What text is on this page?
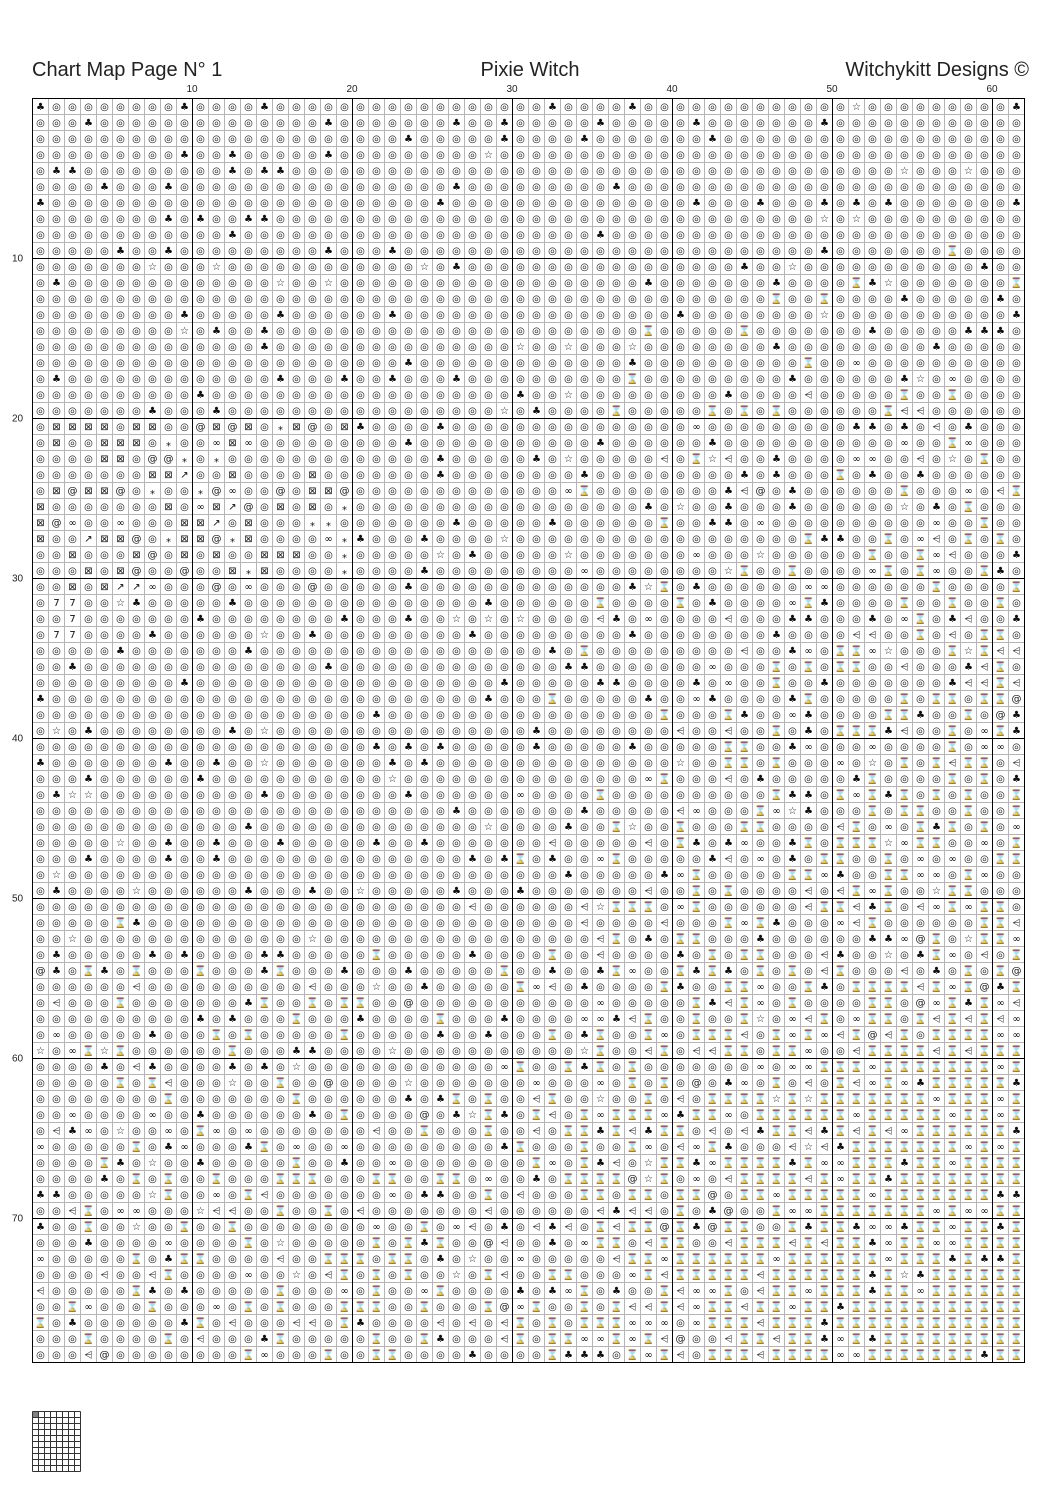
Chart Map Page N° 1	Pixie Witch	Witchykitt Designs ©
10	20	30	40	50	60
10
20
30
40
50
60
70
♣ ◎ ◎ ◎ ◎ ◎ ◎ ◎ ◎ ♣ ◎ ◎ ◎ ◎ ♣ ◎ ◎ ◎ ◎ ◎ ◎ ◎ ◎ ◎ ◎ ◎ ◎ ◎ ◎ ◎ ◎ ◎ ♣ ◎ ◎ ◎ ◎ ♣ ◎ ◎ ◎ ◎ ◎ ◎ ◎ ◎ ◎ ◎ ◎ ◎ ◎ ☆ ◎ ◎ ◎ ◎ ◎ ◎ ◎ ◎ ◎ ♣
◎ ◎ ◎ ♣ ◎ ◎ ◎ ◎ ◎ ◎ ◎ ◎ ◎ ◎ ◎ ◎ ◎ ◎ ♣ ◎ ◎ ◎ ◎ ◎ ◎ ◎ ♣ ◎ ◎ ♣ ◎ ◎ ◎ ◎ ◎ ♣ ◎ ◎ ◎ ◎ ◎ ♣ ◎ ◎ ◎ ◎ ◎ ◎ ◎ ♣ ◎ ◎ ◎ ◎ ◎ ◎ ◎ ◎ ◎ ◎ ◎ ◎
◎ ◎ ◎ ◎ ◎ ◎ ◎ ◎ ◎ ◎ ◎ ◎ ◎ ◎ ◎ ◎ ◎ ◎ ◎ ◎ ◎ ◎ ◎ ♣ ◎ ◎ ◎ ◎ ◎ ♣ ◎ ◎ ◎ ◎ ♣ ◎ ◎ ◎ ◎ ◎ ◎ ◎ ♣ ◎ ◎ ◎ ◎ ◎ ◎ ◎ ◎ ◎ ◎ ◎ ◎ ◎ ◎ ◎ ◎ ◎ ◎ ◎
◎ ◎ ◎ ◎ ◎ ◎ ◎ ◎ ◎ ♣ ◎ ◎ ♣ ◎ ◎ ◎ ◎ ◎ ♣ ◎ ◎ ◎ ◎ ◎ ◎ ◎ ◎ ◎ ☆ ◎ ◎ ◎ ◎ ◎ ◎ ◎ ◎ ◎ ◎ ◎ ◎ ◎ ◎ ◎ ◎ ◎ ◎ ◎ ◎ ◎ ◎ ◎ ◎ ◎ ◎ ◎ ◎ ◎ ◎ ◎ ◎ ◎
◎ ♣ ♣ ◎ ◎ ◎ ◎ ◎ ◎ ◎ ◎ ◎ ♣ ◎ ♣ ♣ ◎ ◎ ◎ ◎ ◎ ◎ ◎ ◎ ◎ ◎ ◎ ◎ ◎ ◎ ◎ ◎ ◎ ◎ ◎ ◎ ◎ ◎ ◎ ◎ ◎ ◎ ◎ ◎ ◎ ◎ ◎ ◎ ◎ ◎ ◎ ◎ ◎ ◎ ☆ ◎ ◎ ◎ ☆ ◎ ◎ ◎
◎ ◎ ◎ ◎ ♣ ◎ ◎ ◎ ♣ ◎ ◎ ◎ ◎ ◎ ◎ ◎ ◎ ◎ ◎ ◎ ◎ ◎ ◎ ◎ ◎ ◎ ♣ ◎ ◎ ◎ ◎ ◎ ◎ ◎ ◎ ◎ ♣ ◎ ◎ ◎ ◎ ◎ ◎ ◎ ◎ ◎ ◎ ◎ ◎ ◎ ◎ ◎ ◎ ◎ ◎ ◎ ◎ ◎ ◎ ◎ ◎ ◎
♣ ◎ ◎ ◎ ◎ ◎ ◎ ◎ ◎ ◎ ◎ ◎ ◎ ◎ ◎ ◎ ◎ ◎ ◎ ◎ ◎ ◎ ◎ ◎ ◎ ♣ ◎ ◎ ◎ ◎ ◎ ◎ ◎ ◎ ◎ ◎ ◎ ◎ ◎ ◎ ◎ ♣ ◎ ◎ ◎ ♣ ◎ ◎ ◎ ♣ ◎ ♣ ◎ ♣ ◎ ◎ ◎ ◎ ◎ ◎ ◎ ♣
◎ ◎ ◎ ◎ ◎ ◎ ◎ ◎ ♣ ◎ ♣ ◎ ◎ ♣ ♣ ◎ ◎ ◎ ◎ ◎ ◎ ◎ ◎ ◎ ◎ ◎ ◎ ◎ ◎ ◎ ◎ ◎ ◎ ◎ ◎ ◎ ◎ ◎ ◎ ◎ ◎ ◎ ◎ ◎ ◎ ◎ ◎ ◎ ◎ ☆ ◎ ☆ ◎ ◎ ◎ ◎ ◎ ◎ ◎ ◎ ◎ ◎
◎ ◎ ◎ ◎ ◎ ◎ ◎ ◎ ◎ ◎ ◎ ◎ ♣ ◎ ◎ ◎ ◎ ◎ ◎ ◎ ◎ ◎ ◎ ◎ ◎ ◎ ◎ ◎ ◎ ◎ ◎ ◎ ◎ ◎ ◎ ♣ ◎ ◎ ◎ ◎ ◎ ◎ ◎ ◎ ◎ ◎ ◎ ◎ ◎ ◎ ◎ ◎ ◎ ◎ ◎ ◎ ◎ ◎ ◎ ◎ ◎ ◎
◎ ◎ ◎ ◎ ◎ ♣ ◎ ◎ ♣ ◎ ◎ ◎ ◎ ◎ ◎ ◎ ◎ ◎ ♣ ◎ ◎ ◎ ♣ ◎ ◎ ◎ ◎ ◎ ◎ ◎ ◎ ◎ ◎ ◎ ◎ ◎ ◎ ◎ ◎ ◎ ◎ ◎ ◎ ◎ ◎ ◎ ◎ ◎ ◎ ♣ ◎ ◎ ◎ ◎ ◎ ◎ ◎ ⌛ ◎ ◎ ◎ ◎
◎ ◎ ◎ ◎ ◎ ◎ ◎ ☆ ◎ ◎ ◎ ☆ ◎ ◎ ◎ ◎ ◎ ◎ ◎ ◎ ◎ ◎ ◎ ◎ ☆ ◎ ♣ ◎ ◎ ◎ ◎ ◎ ◎ ◎ ◎ ◎ ◎ ◎ ◎ ◎ ◎ ◎ ◎ ◎ ♣ ◎ ◎ ☆ ◎ ◎ ◎ ◎ ◎ ◎ ◎ ◎ ◎ ◎ ◎ ♣ ◎ ◎
◎ ♣ ◎ ◎ ◎ ◎ ◎ ◎ ◎ ◎ ◎ ◎ ◎ ◎ ◎ ☆ ◎ ◎ ☆ ◎ ◎ ◎ ◎ ◎ ◎ ◎ ◎ ◎ ◎ ◎ ◎ ◎ ◎ ◎ ◎ ◎ ◎ ◎ ♣ ◎ ◎ ◎ ◎ ◎ ◎ ◎ ♣ ◎ ◎ ◎ ◎ ⌛ ♣ ☆ ◎ ◎ ◎ ◎ ◎ ◎ ◎ ⌛
◎ ◎ ◎ ◎ ◎ ◎ ◎ ◎ ◎ ◎ ◎ ◎ ◎ ◎ ◎ ◎ ◎ ◎ ◎ ◎ ◎ ◎ ◎ ◎ ◎ ◎ ◎ ◎ ◎ ◎ ◎ ◎ ◎ ◎ ◎ ◎ ◎ ◎ ◎ ◎ ◎ ◎ ◎ ◎ ◎ ◎ ⌛ ◎ ◎ ⌛ ◎ ◎ ◎ ◎ ♣ ◎ ◎ ◎ ◎ ◎ ♣ ◎
◎ ◎ ◎ ◎ ◎ ◎ ◎ ◎ ◎ ♣ ◎ ◎ ◎ ◎ ◎ ♣ ◎ ◎ ◎ ◎ ◎ ◎ ♣ ◎ ◎ ◎ ◎ ◎ ◎ ◎ ◎ ◎ ◎ ◎ ◎ ◎ ◎ ◎ ◎ ◎ ♣ ◎ ◎ ◎ ◎ ◎ ◎ ◎ ◎ ☆ ◎ ◎ ◎ ◎ ◎ ◎ ◎ ◎ ◎ ◎ ◎ ♣
◎ ◎ ◎ ◎ ◎ ◎ ◎ ◎ ◎ ☆ ◎ ♣ ◎ ◎ ♣ ◎ ◎ ◎ ◎ ◎ ◎ ◎ ◎ ◎ ◎ ◎ ◎ ◎ ◎ ◎ ◎ ◎ ◎ ◎ ◎ ◎ ◎ ◎ ⌛ ◎ ◎ ◎ ◎ ◎ ⌛ ◎ ◎ ◎ ◎ ◎ ◎ ◎ ♣ ◎ ◎ ◎ ◎ ◎ ♣ ♣ ♣ ◎
◎ ◎ ◎ ◎ ◎ ◎ ◎ ◎ ◎ ◎ ◎ ◎ ◎ ◎ ♣ ◎ ◎ ◎ ◎ ◎ ◎ ◎ ◎ ◎ ◎ ◎ ◎ ◎ ◎ ◎ ☆ ◎ ◎ ☆ ◎ ◎ ◎ ☆ ◎ ◎ ◎ ◎ ◎ ◎ ◎ ◎ ♣ ◎ ◎ ◎ ◎ ◎ ◎ ◎ ◎ ◎ ♣ ◎ ◎ ◎ ◎ ◎
◎ ◎ ◎ ◎ ◎ ◎ ◎ ◎ ◎ ◎ ◎ ◎ ◎ ◎ ◎ ◎ ◎ ◎ ◎ ◎ ◎ ◎ ◎ ♣ ◎ ◎ ◎ ◎ ◎ ◎ ◎ ◎ ◎ ◎ ◎ ◎ ◎ ♣ ◎ ◎ ◎ ◎ ◎ ◎ ◎ ◎ ◎ ◎ ⌛ ◎ ◎ ∞ ◎ ◎ ◎ ◎ ◎ ◎ ◎ ◎ ◎ ◎
◎ ♣ ◎ ◎ ◎ ◎ ◎ ◎ ◎ ◎ ◎ ◎ ◎ ◎ ◎ ♣ ◎ ◎ ◎ ♣ ◎ ◎ ♣ ◎ ◎ ◎ ♣ ◎ ◎ ◎ ◎ ◎ ◎ ◎ ◎ ◎ ◎ ⌛ ◎ ◎ ◎ ◎ ◎ ◎ ◎ ◎ ◎ ♣ ◎ ◎ ◎ ◎ ◎ ◎ ♣ ☆ ◎ ∞ ◎ ◎ ◎ ◎
◎ ◎ ◎ ◎ ◎ ◎ ◎ ◎ ◎ ◎ ♣ ◎ ◎ ◎ ◎ ◎ ◎ ◎ ◎ ◎ ◎ ◎ ◎ ◎ ◎ ◎ ◎ ◎ ◎ ◎ ♣ ◎ ◎ ☆ ◎ ◎ ◎ ◎ ◎ ◎ ◎ ◎ ◎ ♣ ◎ ◎ ◎ ◎ ⩤ ◎ ◎ ◎ ◎ ◎ ⌛ ◎ ◎ ⌛ ◎ ◎ ◎ ◎
◎ ◎ ◎ ◎ ◎ ◎ ◎ ♣ ◎ ◎ ◎ ♣ ◎ ◎ ◎ ◎ ◎ ◎ ◎ ◎ ◎ ◎ ◎ ◎ ◎ ◎ ◎ ◎ ◎ ☆ ◎ ♣ ◎ ◎ ◎ ◎ ⌛ ◎ ◎ ◎ ◎ ◎ ⌛ ◎ ⌛ ◎ ⌛ ◎ ◎ ◎ ◎ ◎ ◎ ⌛ ⩤ ⩤ ◎ ◎ ◎ ◎ ◎ ◎
◎ ⊠ ⊠ ⊠ ⊠ ◎ ⊠ ⊠ ◎ ◎ @ ⊠ @ ⊠ ◎ ⁎ ⊠ @ ◎ ⊠ ♣ ◎ ◎ ◎ ◎ ♣ ◎ ◎ ◎ ◎ ◎ ◎ ◎ ◎ ◎ ◎ ◎ ◎ ◎ ◎ ◎ ∞ ◎ ◎ ◎ ◎ ◎ ◎ ◎ ◎ ◎ ♣ ♣ ◎ ♣ ◎ ⩤ ◎ ♣ ◎ ◎ ◎
◎ ⊠ ◎ ◎ ⊠ ⊠ ⊠ ◎ ⁎ ◎ ◎ ∞ ⊠ ∞ ◎ ◎ ◎ ◎ ◎ ◎ ◎ ◎ ◎ ♣ ◎ ◎ ◎ ◎ ◎ ◎ ◎ ◎ ◎ ◎ ◎ ♣ ◎ ◎ ◎ ◎ ◎ ◎ ♣ ◎ ◎ ◎ ◎ ◎ ◎ ◎ ◎ ◎ ◎ ◎ ∞ ◎ ◎ ⌛ ∞ ◎ ◎ ◎
◎ ◎ ◎ ◎ ⊠ ⊠ ◎ @ @ ⁎ ◎ ⁎ ◎ ◎ ◎ ◎ ◎ ◎ ◎ ◎ ◎ ◎ ◎ ◎ ◎ ♣ ◎ ◎ ◎ ◎ ◎ ♣ ◎ ☆ ◎ ◎ ◎ ◎ ◎ ⩤ ◎ ⌛ ☆ ⩤ ◎ ◎ ♣ ◎ ◎ ◎ ◎ ∞ ∞ ◎ ◎ ⩤ ◎ ☆ ◎ ⌛ ◎ ◎
◎ ◎ ◎ ◎ ◎ ◎ ◎ ⊠ ⊠ ↗ ◎ ◎ ⊠ ◎ ◎ ◎ ◎ ⊠ ◎ ◎ ◎ ◎ ◎ ◎ ◎ ♣ ◎ ◎ ◎ ◎ ◎ ◎ ◎ ◎ ♣ ◎ ◎ ◎ ◎ ◎ ◎ ◎ ◎ ◎ ♣ ◎ ♣ ◎ ◎ ◎ ⌛ ◎ ♣ ◎ ◎ ♣ ◎ ◎ ◎ ◎ ◎ ◎
◎ ⊠ @ ⊠ ⊠ @ ◎ ⁎ ◎ ◎ ⁎ @ ∞ ◎ ◎ @ ◎ ⊠ ⊠ @ ◎ ◎ ◎ ◎ ◎ ◎ ◎ ◎ ◎ ◎ ◎ ◎ ◎ ∞ ⌛ ◎ ◎ ◎ ◎ ◎ ◎ ◎ ◎ ♣ ⩤ @ ◎ ♣ ◎ ◎ ◎ ◎ ◎ ◎ ⌛ ◎ ◎ ◎ ∞ ◎ ⩤ ⌛
⊠ ◎ ◎ ◎ ◎ ◎ ◎ ◎ ⊠ ◎ ∞ ⊠ ↗ @ ◎ ⊠ ◎ ⊠ ◎ ⁎ ◎ ◎ ◎ ◎ ◎ ◎ ◎ ◎ ◎ ◎ ◎ ◎ ◎ ◎ ◎ ◎ ◎ ◎ ♣ ◎ ☆ ◎ ◎ ♣ ◎ ◎ ◎ ♣ ◎ ◎ ◎ ◎ ◎ ◎ ☆ ◎ ♣ ◎ ⌛ ◎ ◎ ◎
⊠ @ ∞ ◎ ◎ ∞ ◎ ◎ ◎ ⊠ ⊠ ↗ ◎ ⊠ ◎ ◎ ◎ ⁎ ⁎ ◎ ◎ ◎ ◎ ◎ ◎ ◎ ♣ ◎ ◎ ◎ ◎ ◎ ♣ ◎ ◎ ◎ ◎ ◎ ◎ ⌛ ◎ ◎ ♣ ♣ ◎ ∞ ◎ ◎ ◎ ◎ ◎ ◎ ◎ ◎ ◎ ◎ ∞ ◎ ◎ ⌛ ◎ ◎
⊠ ◎ ◎ ↗ ⊠ ⊠ @ ◎ ⁎ ⊠ ⊠ @ ⁎ ⊠ ◎ ◎ ◎ ◎ ∞ ⁎ ♣ ◎ ◎ ◎ ♣ ◎ ◎ ◎ ◎ ☆ ◎ ◎ ◎ ◎ ◎ ◎ ◎ ◎ ◎ ◎ ◎ ◎ ◎ ◎ ◎ ◎ ◎ ◎ ⌛ ♣ ♣ ◎ ◎ ⌛ ◎ ∞ ⩤ ◎ ⌛ ◎ ⌛ ◎
◎ ◎ ⊠ ◎ ◎ ◎ ⊠ @ ◎ ⊠ ◎ ⊠ ◎ ◎ ⊠ ⊠ ⊠ ◎ ◎ ⁎ ◎ ◎ ◎ ◎ ◎ ☆ ◎ ♣ ◎ ◎ ◎ ◎ ◎ ☆ ◎ ◎ ◎ ◎ ◎ ◎ ◎ ∞ ◎ ◎ ◎ ☆ ◎ ◎ ◎ ◎ ◎ ◎ ⌛ ◎ ◎ ⌛ ∞ ⩤ ◎ ◎ ◎ ♣
◎ ◎ ◎ ⊠ ◎ ⊠ @ ◎ ◎ @ ◎ ◎ ⊠ ⁎ ⊠ ◎ ◎ ◎ ◎ ⁎ ◎ ◎ ◎ ◎ ♣ ◎ ◎ ◎ ◎ ◎ ◎ ◎ ◎ ◎ ∞ ◎ ◎ ◎ ◎ ◎ ◎ ◎ ◎ ☆ ⌛ ◎ ◎ ⌛ ◎ ◎ ◎ ◎ ∞ ⌛ ◎ ⌛ ∞ ◎ ◎ ⌛ ♣ ◎
◎ ◎ ⊠ ◎ ⊠ ↗ ↗ ∞ ◎ ◎ ◎ @ ◎ ∞ ◎ ◎ ◎ @ ◎ ◎ ◎ ◎ ◎ ♣ ◎ ◎ ◎ ◎ ◎ ◎ ◎ ◎ ◎ ◎ ◎ ◎ ◎ ♣ ☆ ⌛ ◎ ♣ ◎ ◎ ◎ ◎ ◎ ◎ ∞ ∞ ◎ ◎ ◎ ◎ ◎ ◎ ⌛ ◎ ◎ ◎ ◎ ⌛
◎ 7 7 ◎ ◎ ☆ ♣ ◎ ◎ ◎ ◎ ◎ ♣ ◎ ◎ ◎ ◎ ◎ ◎ ◎ ◎ ◎ ◎ ◎ ◎ ◎ ◎ ◎ ♣ ◎ ◎ ◎ ◎ ◎ ◎ ⌛ ◎ ◎ ◎ ◎ ⌛ ◎ ♣ ◎ ◎ ◎ ◎ ∞ ⌛ ♣ ◎ ◎ ◎ ◎ ⌛ ◎ ◎ ⌛ ◎ ◎ ⌛ ◎
◎ ◎ 7 ◎ ◎ ◎ ◎ ◎ ◎ ◎ ♣ ◎ ◎ ◎ ◎ ◎ ◎ ◎ ◎ ♣ ◎ ◎ ◎ ♣ ◎ ◎ ☆ ◎ ☆ ◎ ☆ ◎ ◎ ◎ ◎ ⩤ ♣ ◎ ∞ ◎ ◎ ◎ ◎ ⩤ ◎ ◎ ◎ ♣ ♣ ◎ ◎ ◎ ♣ ◎ ∞ ⌛ ◎ ♣ ⩤ ◎ ◎ ♣
◎ 7 7 ◎ ◎ ◎ ◎ ♣ ◎ ◎ ◎ ◎ ◎ ◎ ☆ ◎ ◎ ♣ ◎ ◎ ◎ ◎ ◎ ◎ ◎ ◎ ◎ ♣ ◎ ◎ ◎ ◎ ◎ ◎ ◎ ◎ ◎ ♣ ◎ ◎ ◎ ◎ ◎ ◎ ◎ ◎ ♣ ◎ ◎ ◎ ◎ ⩤ ⩤ ◎ ◎ ⌛ ◎ ⩤ ◎ ⌛ ⌛ ◎
◎ ◎ ◎ ◎ ◎ ♣ ◎ ◎ ◎ ◎ ◎ ◎ ◎ ♣ ◎ ◎ ◎ ◎ ◎ ◎ ◎ ◎ ◎ ◎ ◎ ◎ ◎ ◎ ◎ ◎ ◎ ◎ ♣ ◎ ⌛ ◎ ◎ ◎ ◎ ◎ ◎ ◎ ◎ ◎ ⩤ ◎ ◎ ♣ ∞ ◎ ⌛ ⌛ ∞ ☆ ◎ ◎ ◎ ⌛ ☆ ⌛ ⩤ ⩤
◎ ◎ ♣ ◎ ◎ ◎ ◎ ◎ ◎ ◎ ◎ ◎ ◎ ◎ ◎ ◎ ◎ ◎ ♣ ◎ ◎ ◎ ◎ ◎ ◎ ◎ ◎ ◎ ◎ ◎ ◎ ◎ ◎ ♣ ♣ ◎ ◎ ◎ ◎ ◎ ◎ ◎ ∞ ◎ ◎ ◎ ⌛ ◎ ⌛ ◎ ⌛ ⌛ ◎ ◎ ⩤ ◎ ◎ ◎ ♣ ⩤ ⌛ ◎
◎ ◎ ◎ ◎ ◎ ◎ ◎ ◎ ◎ ♣ ◎ ◎ ◎ ◎ ◎ ◎ ◎ ◎ ◎ ◎ ◎ ◎ ◎ ◎ ◎ ◎ ◎ ◎ ◎ ♣ ◎ ◎ ◎ ◎ ◎ ♣ ♣ ◎ ◎ ◎ ◎ ♣ ◎ ∞ ◎ ◎ ⌛ ◎ ◎ ♣ ◎ ◎ ◎ ◎ ◎ ◎ ◎ ♣ ⩤ ⩤ ⌛ ⩤
♣ ◎ ◎ ◎ ◎ ◎ ◎ ◎ ◎ ◎ ◎ ◎ ◎ ◎ ◎ ◎ ◎ ◎ ◎ ◎ ◎ ◎ ◎ ◎ ◎ ◎ ◎ ◎ ♣ ◎ ◎ ◎ ⌛ ◎ ◎ ◎ ◎ ◎ ♣ ◎ ◎ ∞ ♣ ◎ ◎ ◎ ◎ ♣ ⌛ ◎ ◎ ◎ ◎ ◎ ⌛ ◎ ⌛ ⌛ ◎ ⌛ ⌛ @
◎ ◎ ◎ ◎ ◎ ◎ ◎ ◎ ◎ ◎ ◎ ◎ ◎ ◎ ◎ ◎ ◎ ◎ ◎ ◎ ◎ ♣ ◎ ◎ ◎ ◎ ◎ ◎ ◎ ◎ ◎ ◎ ◎ ◎ ◎ ◎ ◎ ◎ ◎ ⌛ ◎ ◎ ◎ ⌛ ♣ ◎ ◎ ∞ ♣ ◎ ◎ ◎ ◎ ⌛ ⌛ ♣ ◎ ◎ ⌛ ◎ @ ♣
◎ ☆ ◎ ♣ ◎ ◎ ◎ ◎ ◎ ◎ ◎ ◎ ♣ ◎ ☆ ◎ ◎ ◎ ◎ ◎ ◎ ◎ ◎ ◎ ◎ ◎ ◎ ◎ ◎ ◎ ◎ ♣ ◎ ◎ ◎ ◎ ◎ ◎ ◎ ◎ ⩤ ◎ ◎ ⩤ ◎ ◎ ⌛ ◎ ♣ ◎ ⌛ ⌛ ⌛ ♣ ⩤ ◎ ◎ ⌛ ◎ ∞ ⌛ ♣
◎ ◎ ◎ ◎ ◎ ◎ ◎ ◎ ◎ ◎ ◎ ◎ ◎ ◎ ◎ ◎ ◎ ◎ ◎ ◎ ◎ ♣ ◎ ♣ ◎ ♣ ◎ ◎ ◎ ◎ ◎ ♣ ◎ ◎ ◎ ◎ ◎ ♣ ◎ ◎ ◎ ◎ ◎ ⌛ ⌛ ◎ ◎ ♣ ∞ ◎ ◎ ◎ ∞ ◎ ◎ ◎ ◎ ⌛ ◎ ∞ ∞ ◎
♣ ◎ ◎ ◎ ◎ ◎ ◎ ◎ ♣ ◎ ◎ ♣ ◎ ◎ ☆ ◎ ◎ ◎ ◎ ◎ ◎ ◎ ♣ ◎ ♣ ◎ ◎ ◎ ◎ ◎ ◎ ◎ ◎ ◎ ◎ ◎ ◎ ◎ ◎ ◎ ☆ ◎ ◎ ⌛ ⌛ ◎ ⌛ ◎ ◎ ◎ ∞ ◎ ☆ ◎ ⌛ ◎ ⌛ ⩤ ⌛ ⌛ ◎ ⩤
◎ ◎ ◎ ♣ ◎ ◎ ◎ ◎ ◎ ◎ ♣ ◎ ◎ ◎ ◎ ◎ ◎ ◎ ◎ ◎ ◎ ◎ ☆ ◎ ◎ ◎ ◎ ◎ ◎ ◎ ◎ ◎ ◎ ◎ ◎ ◎ ◎ ◎ ∞ ⌛ ◎ ◎ ◎ ⩤ ◎ ♣ ◎ ◎ ◎ ◎ ◎ ♣ ⌛ ◎ ◎ ◎ ◎ ⌛ ◎ ⌛ ◎ ♣
◎ ♣ ☆ ☆ ◎ ◎ ◎ ◎ ◎ ◎ ◎ ◎ ◎ ◎ ♣ ◎ ◎ ◎ ◎ ◎ ◎ ◎ ◎ ♣ ◎ ◎ ◎ ◎ ◎ ◎ ∞ ◎ ◎ ◎ ◎ ⌛ ◎ ◎ ◎ ◎ ◎ ◎ ◎ ◎ ◎ ◎ ⌛ ♣ ♣ ◎ ⌛ ∞ ⌛ ♣ ⌛ ◎ ⌛ ◎ ⌛ ◎ ◎ ⌛
◎ ◎ ◎ ◎ ◎ ◎ ◎ ◎ ◎ ◎ ◎ ◎ ◎ ◎ ◎ ◎ ◎ ◎ ◎ ◎ ◎ ◎ ◎ ◎ ◎ ◎ ♣ ◎ ◎ ◎ ◎ ◎ ◎ ◎ ♣ ◎ ◎ ◎ ◎ ◎ ⩤ ∞ ◎ ◎ ◎ ⌛ ∞ ☆ ♣ ◎ ◎ ◎ ⌛ ◎ ⌛ ⌛ ◎ ◎ ⌛ ◎ ◎ ⌛
◎ ◎ ◎ ◎ ◎ ◎ ◎ ◎ ◎ ◎ ◎ ◎ ◎ ♣ ◎ ◎ ◎ ◎ ◎ ◎ ◎ ◎ ◎ ◎ ◎ ◎ ◎ ◎ ☆ ◎ ◎ ◎ ◎ ♣ ◎ ◎ ⌛ ☆ ◎ ◎ ⌛ ◎ ◎ ◎ ⌛ ⌛ ◎ ◎ ◎ ◎ ⩤ ⌛ ◎ ∞ ◎ ⌛ ♣ ⌛ ◎ ⌛ ◎ ∞
◎ ◎ ◎ ◎ ◎ ☆ ◎ ◎ ♣ ◎ ◎ ♣ ◎ ◎ ◎ ♣ ◎ ◎ ◎ ◎ ◎ ♣ ◎ ◎ ♣ ◎ ◎ ◎ ◎ ◎ ◎ ◎ ⩤ ◎ ◎ ◎ ◎ ◎ ⩤ ◎ ⌛ ♣ ◎ ♣ ∞ ◎ ◎ ♣ ⌛ ◎ ⌛ ⌛ ⌛ ☆ ∞ ⌛ ⌛ ◎ ◎ ∞ ◎ ⌛
◎ ◎ ◎ ♣ ◎ ◎ ◎ ◎ ♣ ◎ ◎ ♣ ◎ ◎ ◎ ◎ ◎ ◎ ◎ ◎ ◎ ◎ ◎ ◎ ◎ ◎ ◎ ♣ ◎ ♣ ⌛ ◎ ♣ ◎ ◎ ∞ ⌛ ◎ ◎ ◎ ◎ ◎ ♣ ⩤ ◎ ∞ ◎ ♣ ◎ ⌛ ⌛ ◎ ◎ ⌛ ◎ ∞ ◎ ∞ ◎ ◎ ⌛ ⌛
◎ ☆ ◎ ◎ ◎ ◎ ◎ ◎ ◎ ◎ ◎ ◎ ◎ ◎ ◎ ◎ ◎ ◎ ◎ ◎ ◎ ◎ ◎ ◎ ◎ ◎ ◎ ◎ ◎ ◎ ◎ ◎ ◎ ♣ ◎ ◎ ◎ ◎ ◎ ♣ ∞ ⌛ ◎ ◎ ◎ ◎ ◎ ⌛ ⌛ ∞ ♣ ◎ ◎ ⌛ ⌛ ∞ ∞ ◎ ⌛ ∞ ◎ ◎
◎ ♣ ◎ ◎ ◎ ◎ ☆ ◎ ◎ ◎ ◎ ◎ ◎ ♣ ◎ ◎ ◎ ♣ ◎ ◎ ☆ ◎ ◎ ◎ ◎ ◎ ♣ ◎ ◎ ◎ ♣ ◎ ◎ ◎ ◎ ◎ ◎ ◎ ⩤ ◎ ◎ ⌛ ◎ ⌛ ◎ ◎ ◎ ◎ ⩤ ◎ ⩤ ⌛ ∞ ⌛ ◎ ◎ ☆ ⌛ ⌛ ◎ ◎ ◎
◎ ◎ ◎ ◎ ◎ ◎ ◎ ◎ ◎ ◎ ◎ ◎ ◎ ◎ ◎ ◎ ◎ ◎ ◎ ◎ ◎ ◎ ◎ ◎ ◎ ◎ ◎ ⩤ ◎ ◎ ◎ ◎ ◎ ◎ ⩤ ☆ ⌛ ⌛ ⌛ ◎ ∞ ⌛ ◎ ◎ ◎ ◎ ◎ ◎ ⩤ ⌛ ⌛ ⩤ ♣ ⌛ ◎ ⩤ ∞ ⌛ ∞ ⌛ ⌛ ◎
◎ ◎ ◎ ◎ ◎ ⌛ ♣ ◎ ◎ ◎ ◎ ◎ ◎ ◎ ◎ ◎ ◎ ◎ ◎ ◎ ◎ ◎ ◎ ◎ ◎ ◎ ◎ ◎ ◎ ◎ ◎ ◎ ◎ ◎ ⩤ ◎ ◎ ◎ ◎ ⩤ ◎ ◎ ◎ ⌛ ∞ ⌛ ♣ ◎ ◎ ◎ ∞ ⩤ ⌛ ◎ ◎ ◎ ◎ ◎ ◎ ⌛ ⌛ ⩤
◎ ◎ ☆ ◎ ◎ ◎ ◎ ◎ ◎ ◎ ◎ ◎ ◎ ◎ ◎ ◎ ◎ ☆ ◎ ◎ ◎ ◎ ◎ ◎ ◎ ◎ ◎ ◎ ◎ ◎ ◎ ◎ ◎ ◎ ◎ ⩤ ⌛ ◎ ♣ ◎ ⌛ ⌛ ◎ ◎ ◎ ♣ ◎ ◎ ◎ ◎ ◎ ◎ ♣ ♣ ∞ @ ⌛ ◎ ☆ ⌛ ⌛ ∞
◎ ♣ ◎ ◎ ◎ ◎ ◎ ♣ ◎ ♣ ◎ ◎ ◎ ◎ ♣ ♣ ◎ ◎ ◎ ◎ ◎ ⌛ ◎ ◎ ◎ ◎ ◎ ♣ ◎ ◎ ◎ ◎ ⌛ ◎ ◎ ⩤ ◎ ◎ ◎ ◎ ♣ ◎ ⌛ ◎ ⌛ ⌛ ◎ ◎ ◎ ⩤ ♣ ◎ ◎ ☆ ◎ ♣ ⌛ ∞ ◎ ⩤ ◎ ⌛
@ ♣ ◎ ⌛ ♣ ◎ ⌛ ◎ ◎ ◎ ⌛ ◎ ◎ ◎ ♣ ⌛ ◎ ◎ ◎ ♣ ◎ ◎ ◎ ♣ ◎ ◎ ◎ ◎ ◎ ⌛ ◎ ◎ ♣ ◎ ◎ ♣ ⌛ ∞ ◎ ◎ ⌛ ♣ ⌛ ♣ ◎ ⌛ ◎ ⌛ ◎ ⩤ ⌛ ◎ ◎ ◎ ⩤ ◎ ♣ ◎ ⌛ ◎ ⌛ @
◎ ◎ ◎ ◎ ◎ ◎ ⩤ ◎ ◎ ◎ ◎ ◎ ◎ ◎ ◎ ◎ ◎ ⩤ ◎ ◎ ◎ ☆ ◎ ◎ ♣ ◎ ◎ ◎ ◎ ◎ ⌛ ∞ ⩤ ◎ ♣ ◎ ◎ ◎ ◎ ⌛ ♣ ◎ ◎ ⌛ ⌛ ∞ ◎ ◎ ⌛ ♣ ◎ ⌛ ⌛ ⌛ ⌛ ⩤ ⌛ ∞ ⌛ @ ♣ ⌛
◎ ⩤ ◎ ◎ ◎ ⌛ ◎ ◎ ◎ ◎ ◎ ◎ ◎ ♣ ⌛ ◎ ◎ ⌛ ◎ ⌛ ⌛ ◎ ◎ @ ◎ ◎ ◎ ◎ ◎ ◎ ◎ ◎ ◎ ◎ ◎ ∞ ◎ ◎ ◎ ◎ ◎ ⌛ ♣ ⩤ ⌛ ∞ ◎ ⌛ ◎ ◎ ◎ ◎ ⌛ ⌛ ◎ @ ∞ ⌛ ♣ ⌛ ∞ ⩤
◎ ◎ ◎ ◎ ◎ ◎ ◎ ◎ ◎ ◎ ♣ ◎ ♣ ◎ ◎ ◎ ⌛ ◎ ◎ ◎ ♣ ◎ ◎ ◎ ◎ ⌛ ◎ ◎ ◎ ♣ ◎ ◎ ◎ ◎ ∞ ∞ ♣ ⩤ ⌛ ◎ ◎ ⌛ ◎ ◎ ⌛ ☆ ◎ ∞ ⩤ ⌛ ◎ ∞ ⌛ ⌛ ◎ ⌛ ⩤ ⌛ ⩤ ⌛ ⩤ ∞
◎ ∞ ◎ ◎ ◎ ◎ ◎ ♣ ◎ ◎ ◎ ⌛ ◎ ⌛ ◎ ◎ ◎ ◎ ◎ ⌛ ◎ ◎ ◎ ◎ ◎ ♣ ◎ ◎ ♣ ◎ ◎ ◎ ⌛ ◎ ♣ ⌛ ◎ ◎ ⌛ ∞ ◎ ⌛ ⌛ ⌛ ⩤ ◎ ⌛ ∞ ⌛ ∞ ⩤ ⌛ @ ⩤ ⌛ ◎ ⌛ ⌛ ⌛ ⌛ ∞ ∞
☆ ◎ ∞ ⌛ ☆ ⌛ ◎ ◎ ◎ ◎ ◎ ◎ ⌛ ◎ ◎ ◎ ♣ ♣ ◎ ◎ ◎ ◎ ☆ ◎ ◎ ◎ ◎ ◎ ◎ ◎ ◎ ◎ ◎ ◎ ☆ ⌛ ◎ ◎ ⩤ ⌛ ◎ ⩤ ⩤ ⌛ ⌛ ◎ ⌛ ⌛ ∞ ◎ ◎ ⩤ ⌛ ⌛ ⌛ ⌛ ⩤ ⌛ ⩤ ⌛ ⌛ ⌛
◎ ◎ ◎ ◎ ♣ ◎ ⩤ ♣ ◎ ◎ ◎ ◎ ♣ ◎ ♣ ◎ ☆ ◎ ◎ ◎ ◎ ◎ ◎ ◎ ◎ ◎ ◎ ◎ ◎ ∞ ⌛ ◎ ◎ ⌛ ♣ ⌛ ◎ ⌛ ◎ ◎ ◎ ◎ ◎ ◎ ◎ ∞ ◎ ∞ ∞ ⌛ ⌛ ⌛ ∞ ⌛ ⌛ ⌛ ⌛ ⌛ ⌛ ⌛ ∞ ⌛
◎ ◎ ◎ ◎ ◎ ⌛ ◎ ⌛ ⩤ ◎ ◎ ◎ ☆ ◎ ◎ ⌛ ◎ ◎ @ ◎ ◎ ◎ ◎ ☆ ◎ ◎ ◎ ◎ ◎ ◎ ◎ ∞ ◎ ◎ ◎ ∞ ◎ ⌛ ◎ ⌛ ◎ @ ◎ ♣ ∞ ◎ ⌛ ◎ ⩤ ◎ ⌛ ⩤ ∞ ⌛ ∞ ♣ ⌛ ⌛ ⌛ ⌛ ⌛ ♣
◎ ◎ ◎ ◎ ◎ ◎ ◎ ◎ ⌛ ◎ ◎ ◎ ◎ ◎ ◎ ◎ ⌛ ◎ ◎ ◎ ◎ ◎ ◎ ♣ ◎ ♣ ⌛ ◎ ⌛ ◎ ◎ ⩤ ⌛ ◎ ◎ ☆ ◎ ◎ ⌛ ◎ ⩤ ◎ ⌛ ⌛ ⌛ ⌛ ☆ ⌛ ☆ ⌛ ⌛ ⌛ ⌛ ⌛ ⌛ ⌛ ∞ ⌛ ⌛ ⌛ ∞ ⌛
◎ ◎ ∞ ◎ ◎ ◎ ◎ ∞ ◎ ◎ ♣ ◎ ◎ ◎ ◎ ◎ ◎ ♣ ◎ ⌛ ◎ ◎ ◎ ◎ @ ◎ ♣ ☆ ⌛ ♣ ◎ ⌛ ⩤ ◎ ⌛ ∞ ⌛ ⌛ ⌛ ∞ ♣ ⌛ ⌛ ∞ ◎ ⌛ ⌛ ⌛ ⌛ ⌛ ⌛ ∞ ⌛ ⌛ ⌛ ⌛ ⌛ ∞ ⌛ ⌛ ∞ ⌛
◎ ⩤ ♣ ∞ ◎ ☆ ◎ ◎ ∞ ◎ ⌛ ∞ ◎ ∞ ◎ ◎ ◎ ◎ ◎ ◎ ◎ ⩤ ◎ ◎ ⌛ ◎ ◎ ◎ ⌛ ◎ ◎ ⩤ ◎ ⌛ ⌛ ♣ ⌛ ⩤ ♣ ⌛ ⌛ ◎ ⩤ ◎ ⩤ ♣ ⌛ ⌛ ⩤ ♣ ⌛ ⩤ ⌛ ⩤ ∞ ⌛ ⌛ ⌛ ⌛ ⌛ ⌛ ♣
∞ ◎ ◎ ◎ ◎ ◎ ⌛ ◎ ♣ ∞ ◎ ◎ ◎ ♣ ⌛ ◎ ∞ ◎ ◎ ∞ ◎ ◎ ◎ ◎ ◎ ◎ ◎ ◎ ◎ ♣ ⌛ ◎ ◎ ◎ ⌛ ◎ ◎ ⌛ ∞ ◎ ⩤ ∞ ⌛ ♣ ◎ ◎ ◎ ⩤ ☆ ⩤ ♣ ⌛ ⌛ ⌛ ⌛ ⌛ ⌛ ⌛ ∞ ⌛ ∞ ⌛
◎ ◎ ◎ ◎ ⌛ ♣ ◎ ☆ ◎ ◎ ♣ ◎ ◎ ◎ ◎ ◎ ⌛ ◎ ◎ ♣ ◎ ◎ ∞ ◎ ◎ ◎ ◎ ◎ ◎ ◎ ◎ ⌛ ∞ ◎ ⌛ ♣ ⩤ ◎ ☆ ⌛ ⌛ ♣ ∞ ⌛ ⌛ ⌛ ⌛ ♣ ⌛ ∞ ∞ ⌛ ⌛ ⌛ ♣ ⌛ ⌛ ∞ ⌛ ⌛ ⌛ ⌛
◎ ◎ ◎ ◎ ♣ ◎ ⌛ ◎ ⌛ ◎ ◎ ⌛ ◎ ◎ ◎ ⌛ ⌛ ⌛ ◎ ◎ ◎ ⌛ ⌛ ◎ ◎ ⌛ ⌛ ◎ ∞ ◎ ◎ ♣ ◎ ⌛ ⌛ ⌛ ⌛ @ ☆ ⌛ ◎ ∞ ◎ ⩤ ⌛ ⌛ ⌛ ⌛ ⩤ ⌛ ∞ ⌛ ⌛ ♣ ⌛ ⌛ ⌛ ⌛ ⌛ ⌛ ⌛ ⌛
♣ ♣ ◎ ◎ ◎ ◎ ◎ ☆ ⌛ ◎ ◎ ∞ ◎ ⌛ ⩤ ◎ ◎ ◎ ◎ ◎ ◎ ◎ ∞ ◎ ♣ ♣ ◎ ◎ ⌛ ◎ ⩤ ◎ ◎ ◎ ⌛ ⌛ ◎ ⌛ ⌛ ◎ ⌛ ⌛ @ ◎ ⌛ ⌛ ∞ ⌛ ⌛ ⌛ ⌛ ⌛ ∞ ⌛ ⌛ ⌛ ⌛ ⌛ ⌛ ⌛ ♣ ♣
◎ ◎ ⩤ ⌛ ◎ ∞ ∞ ◎ ◎ ◎ ☆ ⩤ ⩤ ◎ ◎ ⌛ ◎ ◎ ⌛ ◎ ⩤ ◎ ◎ ◎ ◎ ◎ ◎ ◎ ⩤ ◎ ◎ ◎ ◎ ◎ ◎ ⩤ ♣ ⩤ ⩤ ◎ ⌛ ◎ ♣ @ ◎ ◎ ⌛ ∞ ∞ ⌛ ⌛ ⌛ ⌛ ⌛ ⌛ ⌛ ∞ ⌛ ∞ ∞ ⌛ ⌛
♣ ◎ ◎ ⌛ ◎ ◎ ☆ ◎ ◎ ⌛ ◎ ◎ ⌛ ◎ ◎ ◎ ◎ ◎ ◎ ◎ ◎ ∞ ◎ ◎ ⌛ ◎ ∞ ⩤ ◎ ♣ ◎ ⩤ ♣ ⩤ ◎ ⌛ ⩤ ⌛ ⌛ @ ⌛ ♣ @ ⌛ ⌛ ◎ ◎ ⌛ ♣ ⌛ ⌛ ♣ ∞ ∞ ♣ ⌛ ⌛ ∞ ⌛ ⌛ ♣ ⌛
◎ ◎ ◎ ♣ ◎ ◎ ◎ ◎ ∞ ◎ ◎ ◎ ◎ ⌛ ◎ ☆ ◎ ◎ ◎ ◎ ◎ ⌛ ◎ ⌛ ♣ ⌛ ◎ ◎ @ ⩤ ◎ ◎ ♣ ◎ ∞ ⌛ ⌛ ◎ ⩤ ⌛ ⌛ ◎ ◎ ⩤ ⌛ ⌛ ⌛ ⩤ ⌛ ⩤ ⌛ ⌛ ♣ ∞ ⌛ ⌛ ∞ ∞ ⌛ ⌛ ⌛ ⌛
∞ ◎ ◎ ◎ ◎ ◎ ⌛ ◎ ♣ ⌛ ⌛ ◎ ◎ ◎ ◎ ⩤ ◎ ◎ ⌛ ⌛ ⌛ ◎ ⌛ ⌛ ◎ ♣ ◎ ☆ ◎ ◎ ∞ ◎ ◎ ◎ ◎ ◎ ⩤ ⌛ ⌛ ∞ ⌛ ⌛ ⌛ ⌛ ⌛ ⌛ ∞ ⌛ ⌛ ⌛ ⌛ ⌛ ⌛ ∞ ⌛ ⌛ ⌛ ♣ ⌛ ♣ ♣ ⌛
◎ ◎ ◎ ◎ ⩤ ◎ ◎ ⩤ ⌛ ◎ ◎ ◎ ◎ ∞ ◎ ◎ ☆ ◎ ⩤ ⌛ ◎ ⌛ ◎ ⌛ ◎ ◎ ☆ ◎ ⌛ ⩤ ◎ ◎ ⌛ ⌛ ◎ ◎ ◎ ∞ ⌛ ⩤ ⌛ ⌛ ⌛ ⌛ ⌛ ⩤ ⌛ ⌛ ⌛ ⌛ ⌛ ⌛ ♣ ⌛ ☆ ♣ ⌛ ⌛ ⌛ ⌛ ⌛ ⌛
⩤ ◎ ◎ ◎ ◎ ◎ ⌛ ♣ ◎ ♣ ◎ ◎ ◎ ◎ ◎ ⌛ ◎ ◎ ◎ ∞ ◎ ⌛ ◎ ◎ ∞ ⌛ ◎ ◎ ◎ ◎ ♣ ◎ ♣ ∞ ⌛ ◎ ♣ ◎ ◎ ⌛ ⩤ ∞ ∞ ⌛ ◎ ⩤ ⌛ ⌛ ∞ ⌛ ⌛ ⌛ ♣ ⌛ ⌛ ∞ ⌛ ⌛ ⌛ ⌛ ⌛ ⌛
◎ ◎ ⌛ ∞ ◎ ◎ ◎ ⌛ ◎ ◎ ◎ ∞ ◎ ⌛ ◎ ⌛ ◎ ◎ ◎ ⌛ ⌛ ⌛ ◎ ◎ ⌛ ◎ ◎ ◎ ⌛ @ ∞ ⌛ ◎ ◎ ⌛ ◎ ⌛ ⩤ ⩤ ⌛ ⩤ ∞ ⌛ ⌛ ⩤ ⌛ ⌛ ∞ ⌛ ⌛ ♣ ⌛ ⌛ ⌛ ⌛ ⌛ ⌛ ⌛ ⌛ ⌛ ⌛ ⌛
⌛ ◎ ♣ ◎ ◎ ◎ ◎ ◎ ◎ ♣ ⌛ ◎ ⩤ ◎ ◎ ◎ ⩤ ⩤ ◎ ⌛ ♣ ◎ ◎ ◎ ◎ ⩤ ◎ ⩤ ◎ ⩤ ⌛ ◎ ⌛ ◎ ⌛ ⌛ ⌛ ∞ ∞ ∞ ◎ ∞ ⌛ ⌛ ⌛ ⩤ ⌛ ⌛ ⌛ ♣ ⌛ ⌛ ⌛ ⌛ ⌛ ⌛ ⌛ ⌛ ⌛ ⌛ ⌛ ⌛
◎ ◎ ◎ ⌛ ◎ ◎ ◎ ◎ ⌛ ◎ ⩤ ◎ ◎ ◎ ♣ ⌛ ◎ ◎ ◎ ◎ ◎ ⌛ ◎ ◎ ⌛ ♣ ◎ ◎ ◎ ⩤ ⌛ ◎ ⌛ ⌛ ∞ ∞ ⌛ ∞ ⌛ ⩤ @ ◎ ◎ ⩤ ⌛ ⌛ ⩤ ⌛ ⌛ ♣ ∞ ⌛ ♣ ⌛ ⌛ ⌛ ⌛ ⌛ ⌛ ⌛ ⌛ ⌛
◎ ◎ ◎ ⩤ @ ◎ ◎ ◎ ◎ ◎ ◎ ◎ ◎ ⌛ ∞ ◎ ◎ ◎ ⌛ ◎ ◎ ⌛ ⌛ ◎ ◎ ◎ ◎ ♣ ◎ ◎ ◎ ◎ ⌛ ♣ ♣ ♣ ◎ ⌛ ∞ ⌛ ⩤ ◎ ⌛ ⌛ ⌛ ⩤ ⌛ ⌛ ⌛ ⌛ ∞ ∞ ⌛ ⌛ ⌛ ⌛ ⌛ ⌛ ⌛ ♣ ⌛ ⌛
